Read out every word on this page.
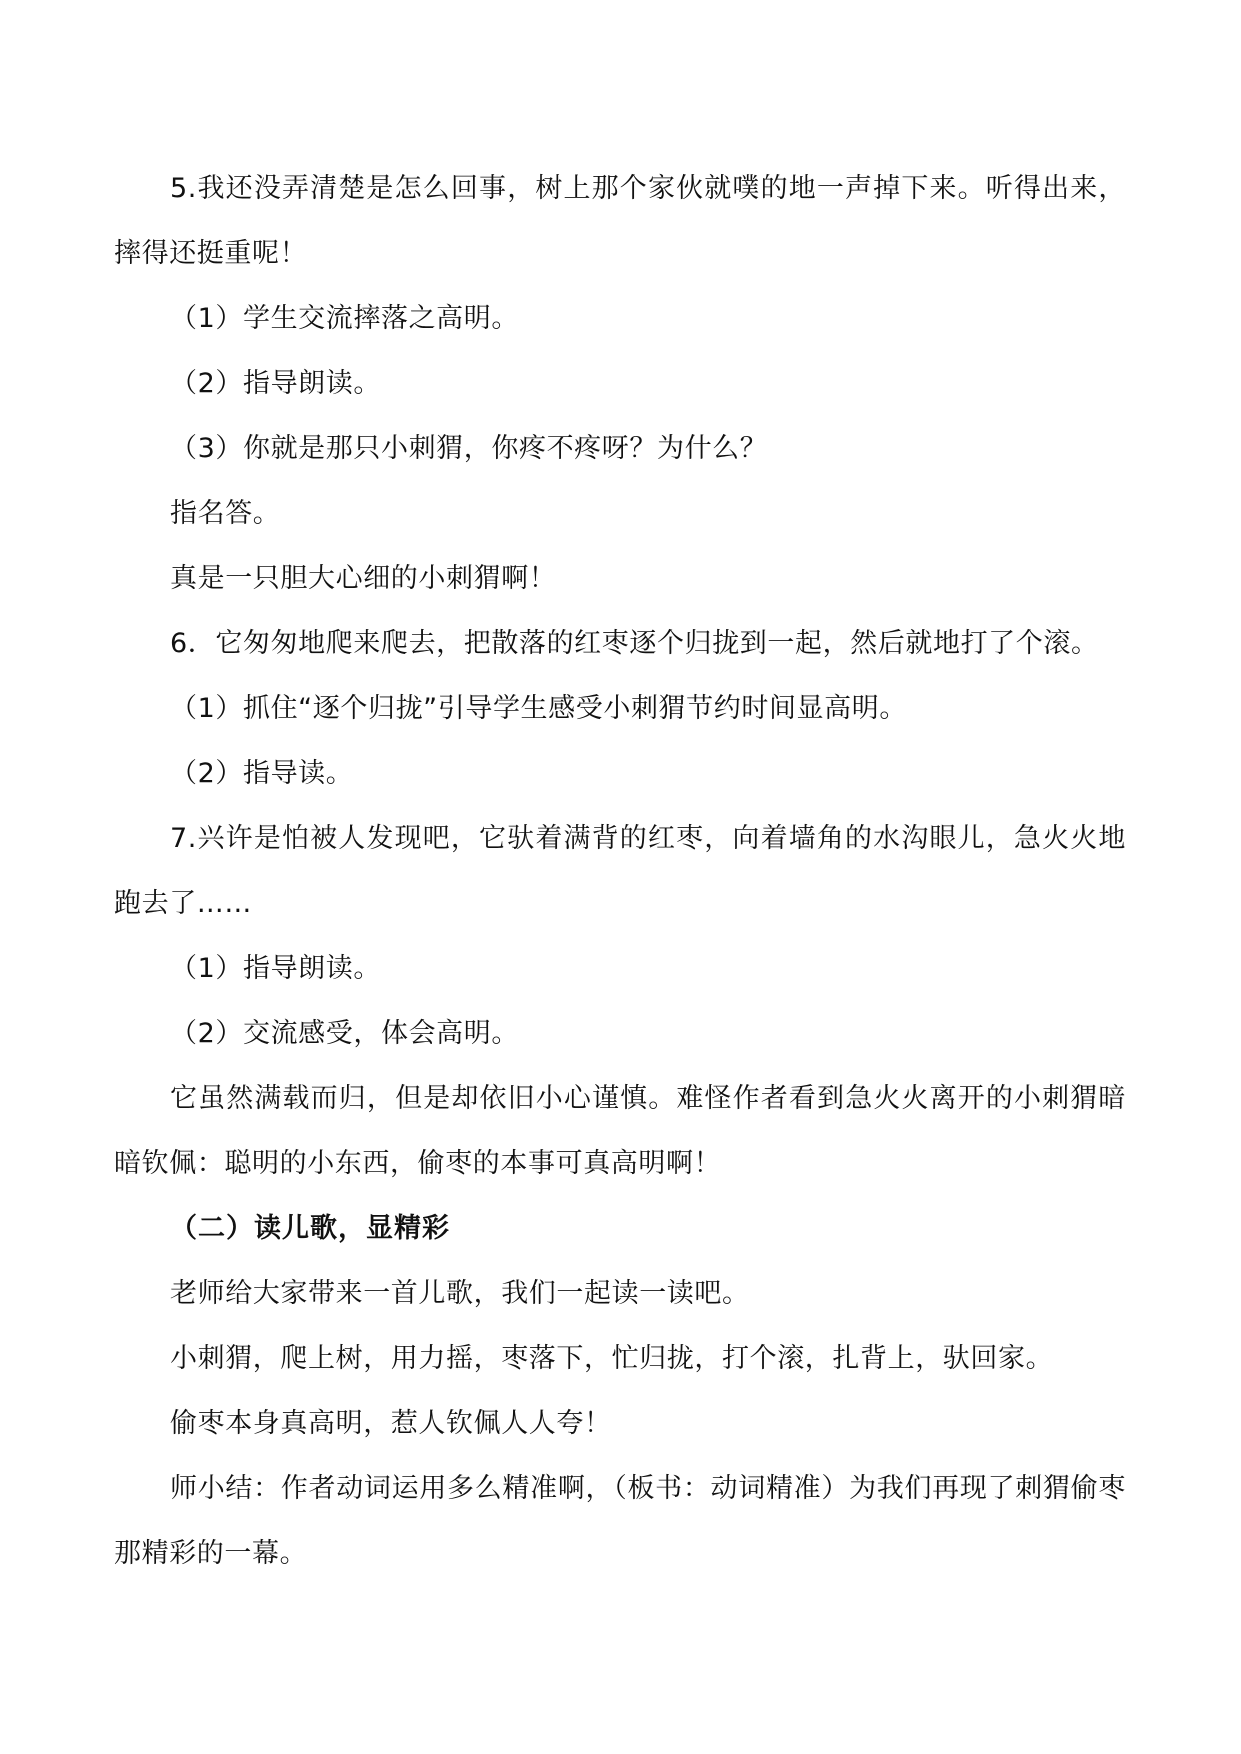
5.我还没弄清楚是怎么回事，树上那个家伙就噗的地一声掉下来。听得出来，摔得还挺重呢！

（1）学生交流摔落之高明。

（2）指导朗读。

（3）你就是那只小刺猬，你疼不疼呀？为什么？

指名答。

真是一只胆大心细的小刺猬啊！

6．它匆匆地爬来爬去，把散落的红枣逐个归拢到一起，然后就地打了个滚。

（1）抓住“逐个归拢”引导学生感受小刺猬节约时间显高明。

（2）指导读。

7.兴许是怕被人发现吧，它驮着满背的红枣，向着墙角的水沟眼儿，急火火地跑去了……

（1）指导朗读。

（2）交流感受，体会高明。

它虽然满载而归，但是却依旧小心谨慎。难怪作者看到急火火离开的小刺猬暗暗钦佩：聪明的小东西，偷枣的本事可真高明啊！

（二）读儿歌，显精彩

老师给大家带来一首儿歌，我们一起读一读吧。

小刺猬，爬上树，用力摇，枣落下，忙归拢，打个滚，扎背上，驮回家。

偷枣本身真高明，惹人钦佩人人夸！

师小结：作者动词运用多么精准啊，（板书：动词精准）为我们再现了刺猬偷枣那精彩的一幕。
